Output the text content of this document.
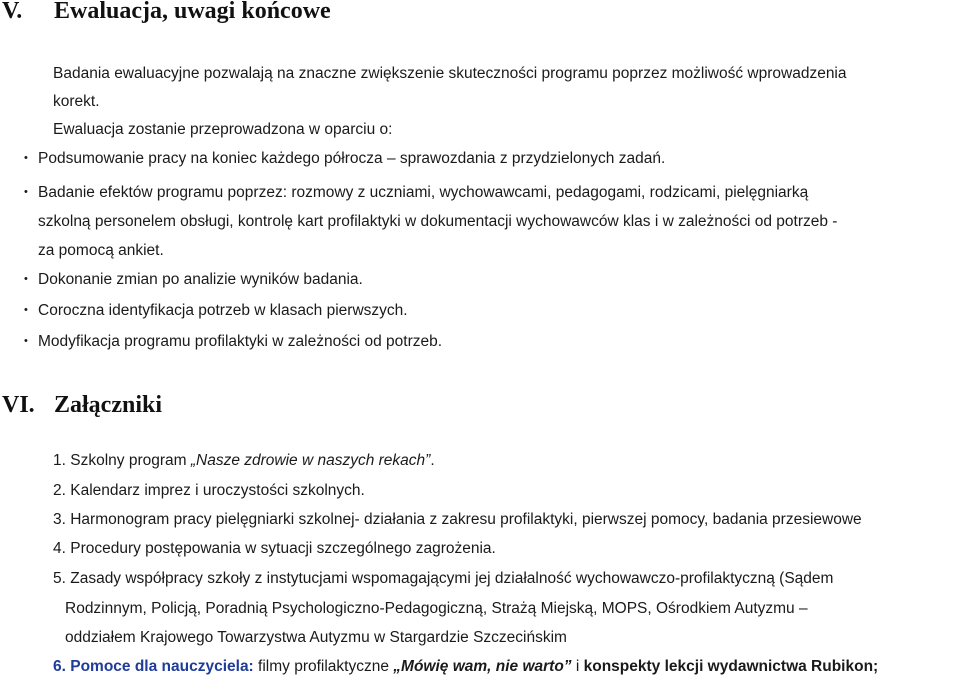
V. Ewaluacja, uwagi końcowe
Badania ewaluacyjne pozwalają na znaczne zwiększenie skuteczności programu poprzez możliwość wprowadzenia
korekt.
Ewaluacja zostanie przeprowadzona w oparciu o:
• Podsumowanie pracy na koniec każdego półrocza – sprawozdania z przydzielonych zadań.
• Badanie efektów programu poprzez: rozmowy z uczniami, wychowawcami, pedagogami, rodzicami, pielęgniarką
szkolną personelem obsługi, kontrolę kart profilaktyki w dokumentacji wychowawców klas i w zależności od potrzeb -
za pomocą ankiet.
• Dokonanie zmian po analizie wyników badania.
• Coroczna identyfikacja potrzeb w klasach pierwszych.
• Modyfikacja programu profilaktyki w zależności od potrzeb.
VI. Załączniki
1. Szkolny program „Nasze zdrowie w naszych rekach”.
2. Kalendarz imprez i uroczystości szkolnych.
3. Harmonogram pracy pielęgniarki szkolnej- działania z zakresu profilaktyki, pierwszej pomocy, badania przesiewowe
4. Procedury postępowania w sytuacji szczególnego zagrożenia.
5. Zasady współpracy szkoły z instytucjami wspomagającymi jej działalność wychowawczo-profilaktyczną (Sądem
Rodzinnym, Policją, Poradnią Psychologiczno-Pedagogiczną, Strażą Miejską, MOPS, Ośrodkiem Autyzmu –
oddziałem Krajowego Towarzystwa Autyzmu w Stargardzie Szczecińskim
6. Pomoce dla nauczyciela: filmy profilaktyczne „Mówię wam, nie warto” i konspekty lekcji wydawnictwa Rubikon;
